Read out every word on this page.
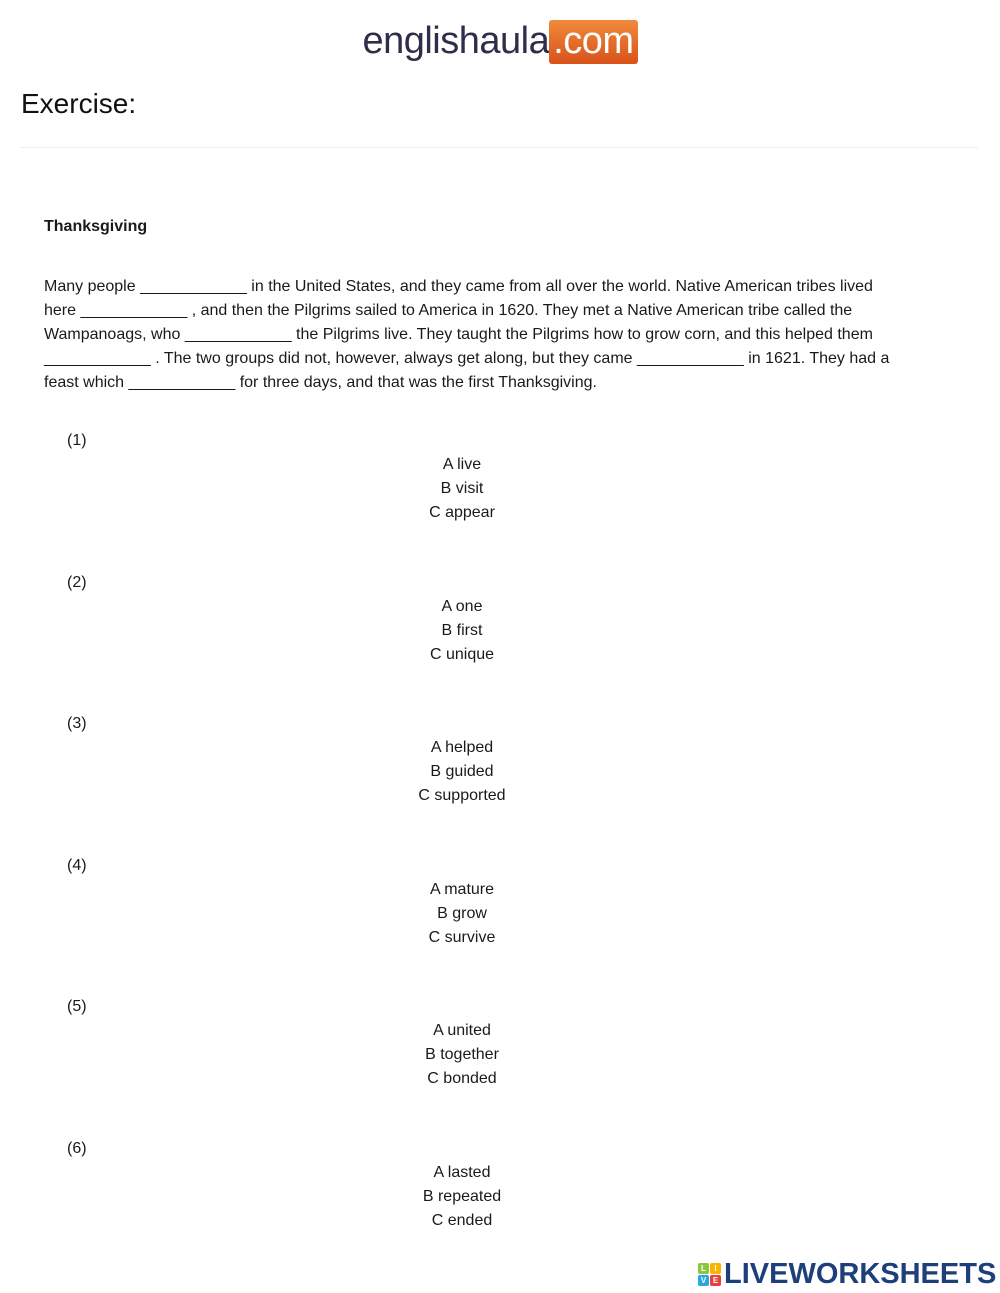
englishaula .com
Exercise:
Thanksgiving
Many people ____________ in the United States, and they came from all over the world. Native American tribes lived
here ____________ , and then the Pilgrims sailed to America in 1620. They met a Native American tribe called the
Wampanoags, who ____________ the Pilgrims live. They taught the Pilgrims how to grow corn, and this helped them
____________ . The two groups did not, however, always get along, but they came ____________ in 1621. They had a
feast which ____________ for three days, and that was the first Thanksgiving.
(1)
A live
B visit
C appear
(2)
A one
B first
C unique
(3)
A helped
B guided
C supported
(4)
A mature
B grow
C survive
(5)
A united
B together
C bonded
(6)
A lasted
B repeated
C ended
L	I
V E LIVEWORKSHEETS
